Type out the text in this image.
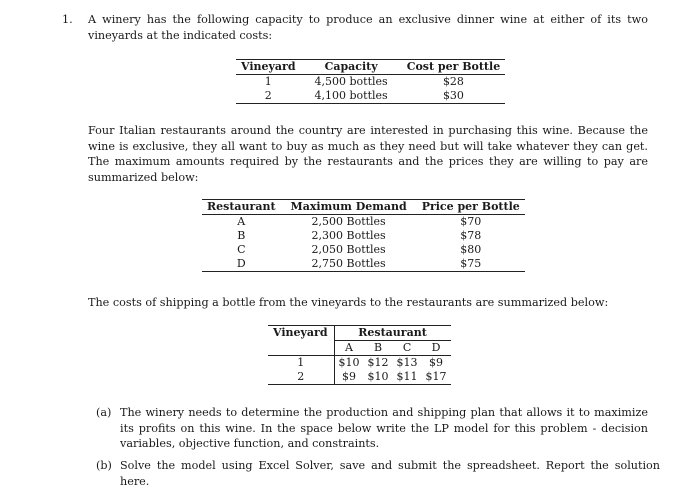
1. A winery has the following capacity to produce an exclusive dinner wine at either of its two vineyards at the indicated costs:
Vineyard	Capacity	Cost per Bottle
1	4,500 bottles	$28
2	4,100 bottles	$30
Four Italian restaurants around the country are interested in purchasing this wine. Because the wine is exclusive, they all want to buy as much as they need but will take whatever they can get. The maximum amounts required by the restaurants and the prices they are willing to pay are summarized below:
Restaurant	Maximum Demand	Price per Bottle
A	2,500 Bottles	$70
B	2,300 Bottles	$78
C	2,050 Bottles	$80
D	2,750 Bottles	$75
The costs of shipping a bottle from the vineyards to the restaurants are summarized below:
Vineyard	Restaurant			
	A	B	C	D
1	$10	$12	$13	$9
2	$9	$10	$11	$17
(a) The winery needs to determine the production and shipping plan that allows it to maximize its profits on this wine. In the space below write the LP model for this problem - decision variables, objective function, and constraints.
(b) Solve the model using Excel Solver, save and submit the spreadsheet. Report the solution here.
